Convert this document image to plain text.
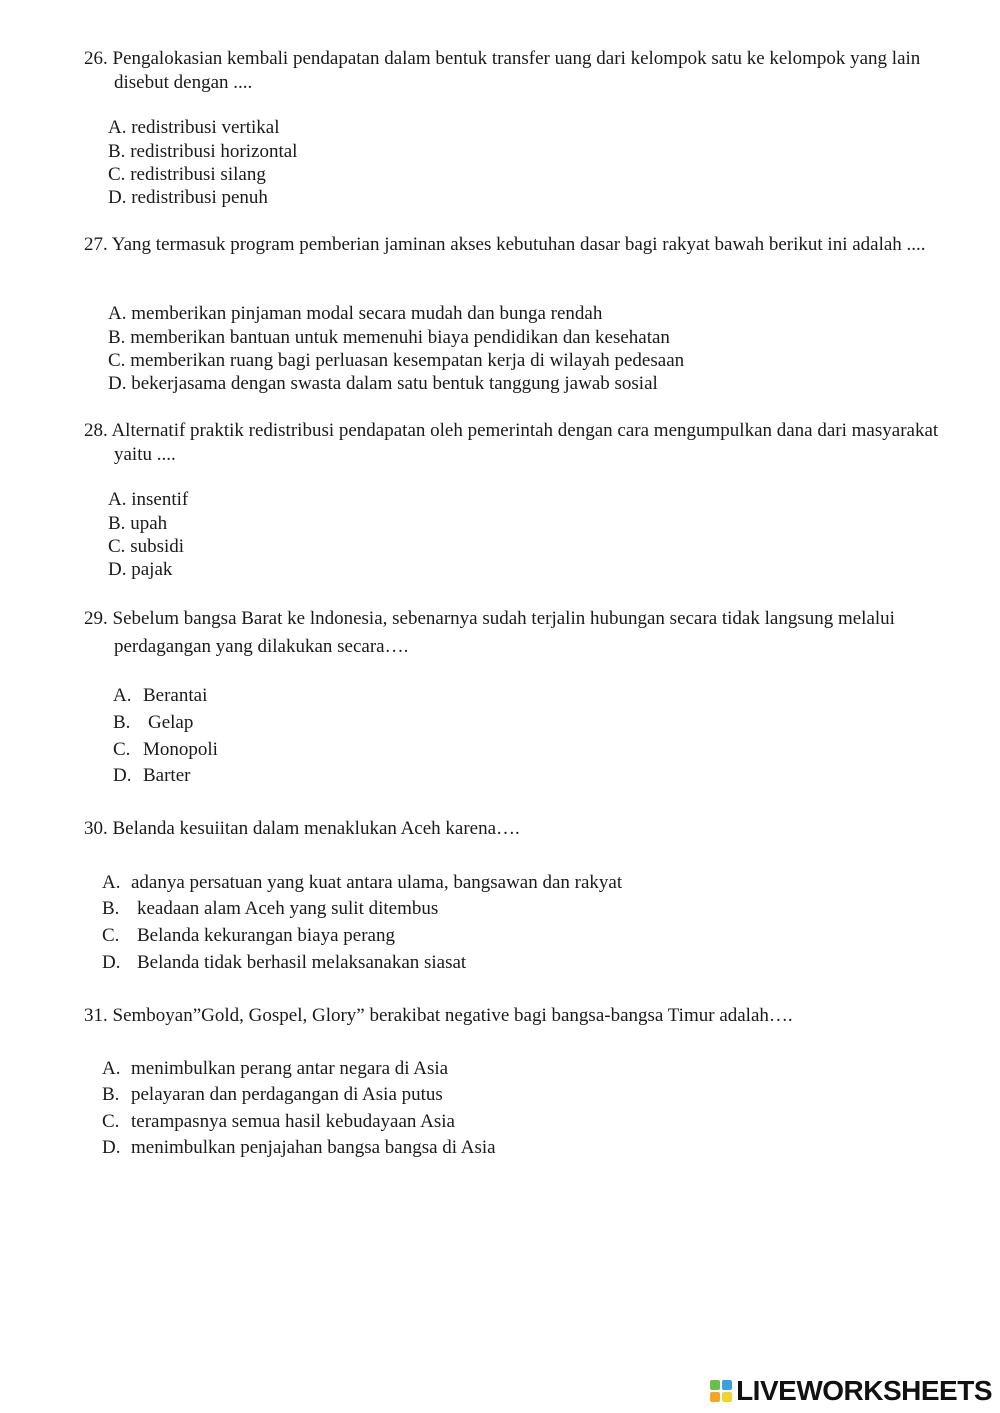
26. Pengalokasian kembali pendapatan dalam bentuk transfer uang dari kelompok satu ke kelompok yang lain disebut dengan ....
A. redistribusi vertikal
B. redistribusi horizontal
C. redistribusi silang
D. redistribusi penuh
27. Yang termasuk program pemberian jaminan akses kebutuhan dasar bagi rakyat bawah berikut ini adalah ....
A. memberikan pinjaman modal secara mudah dan bunga rendah
B. memberikan bantuan untuk memenuhi biaya pendidikan dan kesehatan
C. memberikan ruang bagi perluasan kesempatan kerja di wilayah pedesaan
D. bekerjasama dengan swasta dalam satu bentuk tanggung jawab sosial
28. Alternatif praktik redistribusi pendapatan oleh pemerintah dengan cara mengumpulkan dana dari masyarakat yaitu ....
A. insentif
B. upah
C. subsidi
D. pajak
29. Sebelum bangsa Barat ke lndonesia, sebenarnya sudah terjalin hubungan secara tidak langsung melalui perdagangan yang dilakukan secara….
A. Berantai
B. Gelap
C. Monopoli
D. Barter
30. Belanda kesuiitan dalam menaklukan Aceh karena….
A. adanya persatuan yang kuat antara ulama, bangsawan dan rakyat
B. keadaan alam Aceh yang sulit ditembus
C. Belanda kekurangan biaya perang
D. Belanda tidak berhasil melaksanakan siasat
31. Semboyan”Gold, Gospel, Glory” berakibat negative bagi bangsa-bangsa Timur adalah….
A. menimbulkan perang antar negara di Asia
B. pelayaran dan perdagangan di Asia putus
C. terampasnya semua hasil kebudayaan Asia
D. menimbulkan penjajahan bangsa bangsa di Asia
LIVEWORKSHEETS
